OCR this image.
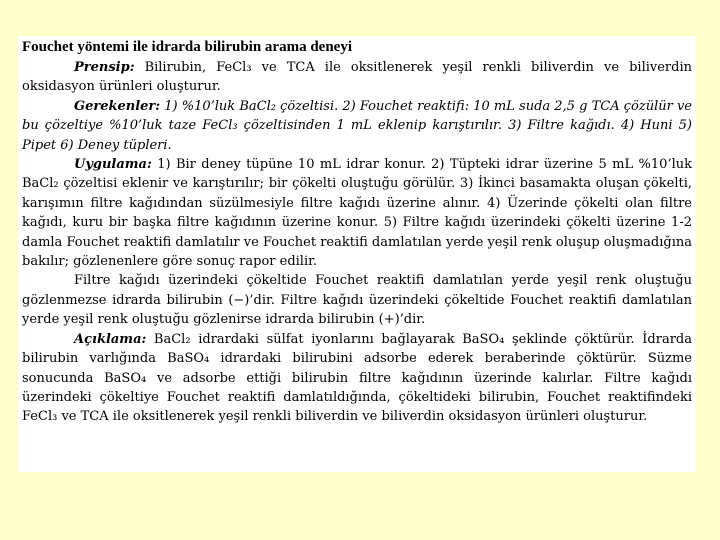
Fouchet yöntemi ile idrarda bilirubin arama deneyi

Prensip: Bilirubin, FeCl₃ ve TCA ile oksitlenerek yeşil renkli biliverdin ve biliverdin oksidasyon ürünleri oluşturur.

Gerekenler: 1) %10’luk BaCl₂ çözeltisi. 2) Fouchet reaktifi: 10 mL suda 2,5 g TCA çözülür ve bu çözeltiye %10’luk taze FeCl₃ çözeltisinden 1 mL eklenip karıştırılır. 3) Filtre kağıdı. 4) Huni 5) Pipet 6) Deney tüpleri.

Uygulama: 1) Bir deney tüpüne 10 mL idrar konur. 2) Tüpteki idrar üzerine 5 mL %10’luk BaCl₂ çözeltisi eklenir ve karıştırılır; bir çökelti oluştuğu görülür. 3) İkinci basamakta oluşan çökelti, karışımın filtre kağıdından süzülmesiyle filtre kağıdı üzerine alınır. 4) Üzerinde çökelti olan filtre kağıdı, kuru bir başka filtre kağıdının üzerine konur. 5) Filtre kağıdı üzerindeki çökelti üzerine 1-2 damla Fouchet reaktifi damlatılır ve Fouchet reaktifi damlatılan yerde yeşil renk oluşup oluşmadığına bakılır; gözlenenlere göre sonuç rapor edilir.

Filtre kağıdı üzerindeki çökeltide Fouchet reaktifi damlatılan yerde yeşil renk oluştuğu gözlenmezse idrarda bilirubin (−)’dir. Filtre kağıdı üzerindeki çökeltide Fouchet reaktifi damlatılan yerde yeşil renk oluştuğu gözlenirse idrarda bilirubin (+)’dir.

Açıklama: BaCl₂ idrardaki sülfat iyonlarını bağlayarak BaSO₄ şeklinde çöktürür. İdrarda bilirubin varlığında BaSO₄ idrardaki bilirubini adsorbe ederek beraberinde çöktürür. Süzme sonucunda BaSO₄ ve adsorbe ettiği bilirubin filtre kağıdının üzerinde kalırlar. Filtre kağıdı üzerindeki çökeltiye Fouchet reaktifi damlatıldığında, çökeltideki bilirubin, Fouchet reaktifindeki FeCl₃ ve TCA ile oksitlenerek yeşil renkli biliverdin ve biliverdin oksidasyon ürünleri oluşturur.
